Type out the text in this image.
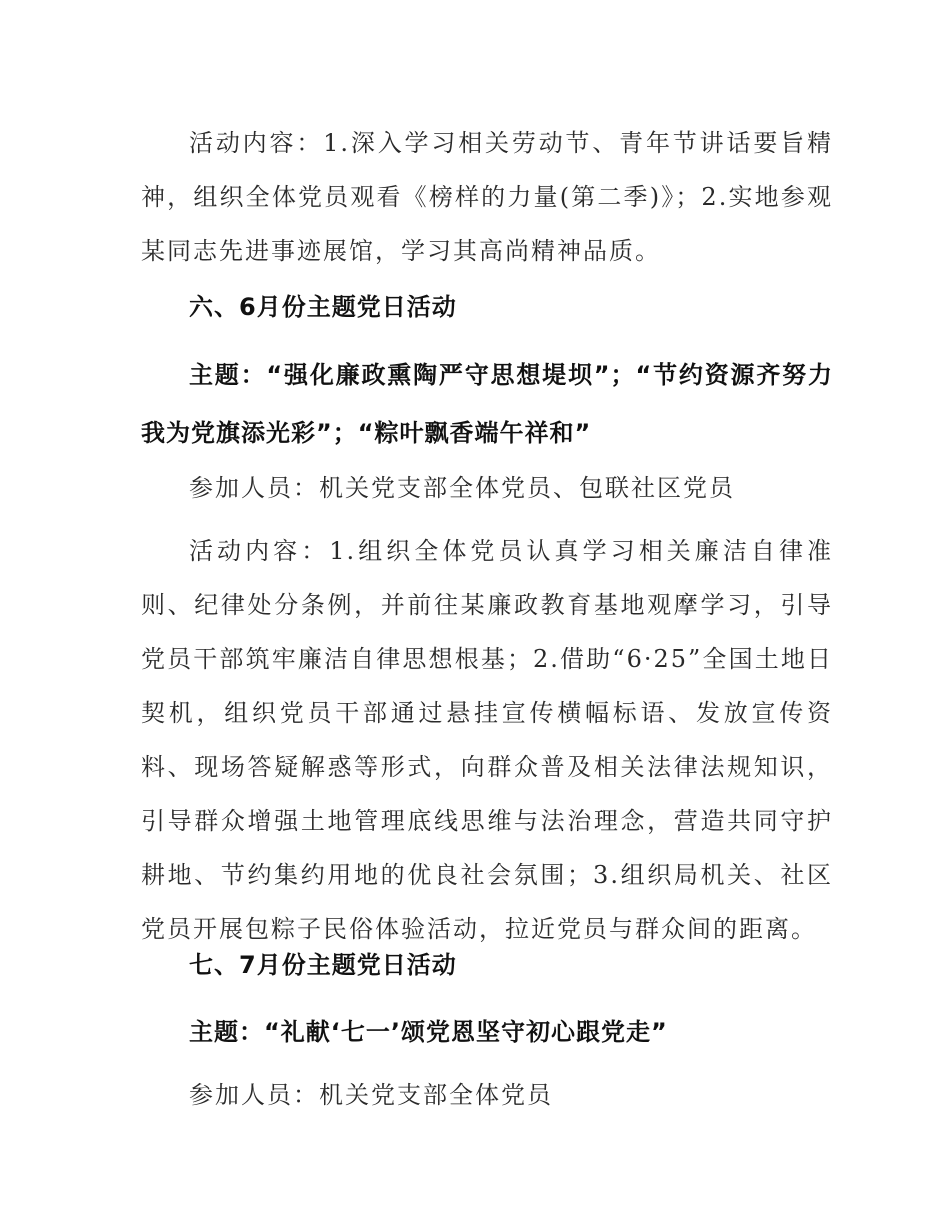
活动内容：1.深入学习相关劳动节、青年节讲话要旨精神，组织全体党员观看《榜样的力量(第二季)》；2.实地参观某同志先进事迹展馆，学习其高尚精神品质。

六、6月份主题党日活动

主题：“强化廉政熏陶严守思想堤坝”；“节约资源齐努力我为党旗添光彩”；“粽叶飘香端午祥和”

参加人员：机关党支部全体党员、包联社区党员

活动内容：1.组织全体党员认真学习相关廉洁自律准则、纪律处分条例，并前往某廉政教育基地观摩学习，引导党员干部筑牢廉洁自律思想根基；2.借助“6·25”全国土地日契机，组织党员干部通过悬挂宣传横幅标语、发放宣传资料、现场答疑解惑等形式，向群众普及相关法律法规知识，引导群众增强土地管理底线思维与法治理念，营造共同守护耕地、节约集约用地的优良社会氛围；3.组织局机关、社区党员开展包粽子民俗体验活动，拉近党员与群众间的距离。

七、7月份主题党日活动

主题：“礼献‘七一’颂党恩坚守初心跟党走”

参加人员：机关党支部全体党员
